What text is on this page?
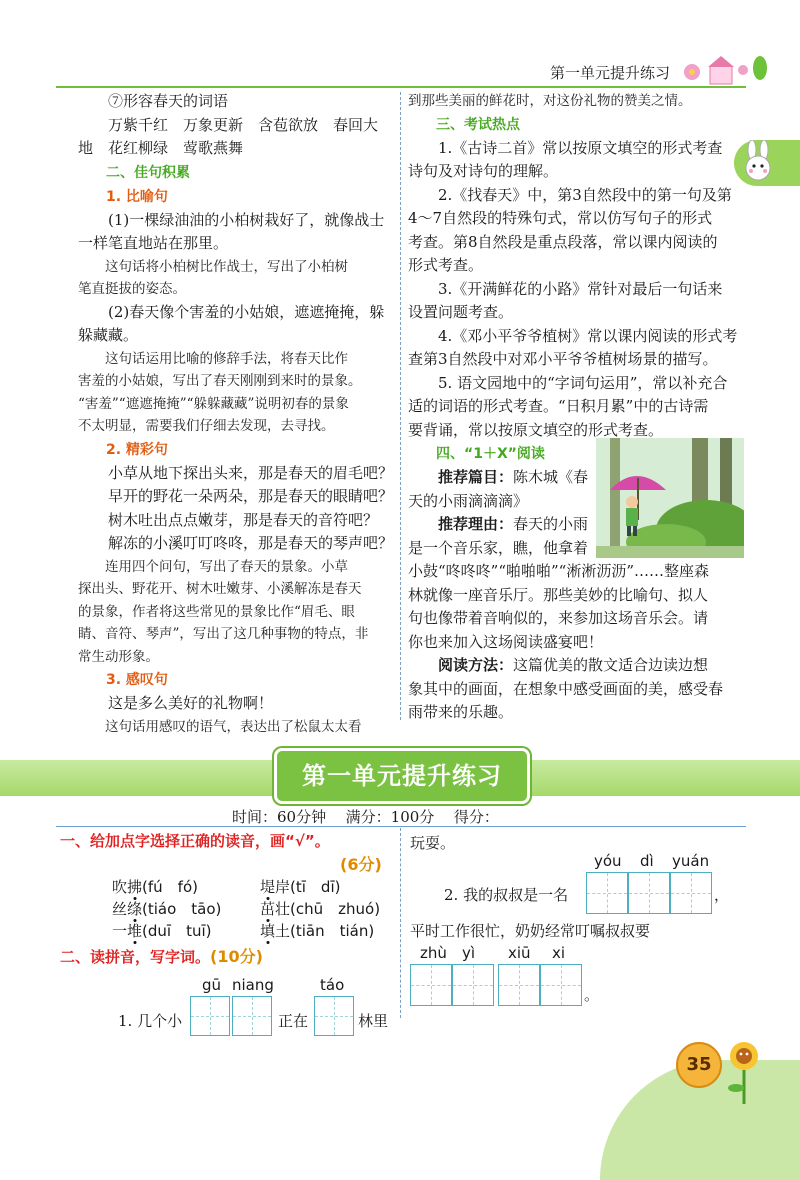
第一单元提升练习

⑦形容春天的词语

万紫千红　万象更新　含苞欲放　春回大

地　花红柳绿　莺歌燕舞

二、佳句积累

1. 比喻句

(1)一棵绿油油的小柏树栽好了，就像战士

一样笔直地站在那里。

这句话将小柏树比作战士，写出了小柏树

笔直挺拔的姿态。

(2)春天像个害羞的小姑娘，遮遮掩掩，躲

躲藏藏。

这句话运用比喻的修辞手法，将春天比作

害羞的小姑娘，写出了春天刚刚到来时的景象。

“害羞”“遮遮掩掩”“躲躲藏藏”说明初春的景象

不太明显，需要我们仔细去发现，去寻找。

2. 精彩句

小草从地下探出头来，那是春天的眉毛吧？

早开的野花一朵两朵，那是春天的眼睛吧？

树木吐出点点嫩芽，那是春天的音符吧？

解冻的小溪叮叮咚咚，那是春天的琴声吧？

连用四个问句，写出了春天的景象。小草

探出头、野花开、树木吐嫩芽、小溪解冻是春天

的景象，作者将这些常见的景象比作“眉毛、眼

睛、音符、琴声”，写出了这几种事物的特点，非

常生动形象。

3. 感叹句

这是多么美好的礼物啊！

这句话用感叹的语气，表达出了松鼠太太看

到那些美丽的鲜花时，对这份礼物的赞美之情。

三、考试热点

1.《古诗二首》常以按原文填空的形式考查

诗句及对诗句的理解。

2.《找春天》中，第3自然段中的第一句及第

4～7自然段的特殊句式，常以仿写句子的形式

考查。第8自然段是重点段落，常以课内阅读的

形式考查。

3.《开满鲜花的小路》常针对最后一句话来

设置问题考查。

4.《邓小平爷爷植树》常以课内阅读的形式考

查第3自然段中对邓小平爷爷植树场景的描写。

5. 语文园地中的“字词句运用”，常以补充合

适的词语的形式考查。“日积月累”中的古诗需

要背诵，常以按原文填空的形式考查。

四、“1＋X”阅读

推荐篇目：陈木城《春

天的小雨滴滴滴》

推荐理由：春天的小雨

是一个音乐家，瞧，他拿着

小鼓“咚咚咚”“啪啪啪”“淅淅沥沥”……整座森

林就像一座音乐厅。那些美妙的比喻句、拟人

句也像带着音响似的，来参加这场音乐会。请

你也来加入这场阅读盛宴吧！

阅读方法：这篇优美的散文适合边读边想

象其中的画面，在想象中感受画面的美，感受春

雨带来的乐趣。

第一单元提升练习
时间：60分钟 满分：100分 得分：
一、给加点字选择正确的读音，画“√”。
(6分)
吹拂(fú　fó)	堤岸(tī　dī)
丝绦(tiáo　tāo)	茁壮(chū　zhuó)
一堆(duī　tuī)	填土(tiān　tián)
二、读拼音，写字词。(10分)
gū niang	táo
1. 几个小	正在	林里
玩耍。
yóu dì yuán
2. 我的叔叔是一名	，
平时工作很忙，奶奶经常叮嘱叔叔要
zhù yì xiū xi
。
35
